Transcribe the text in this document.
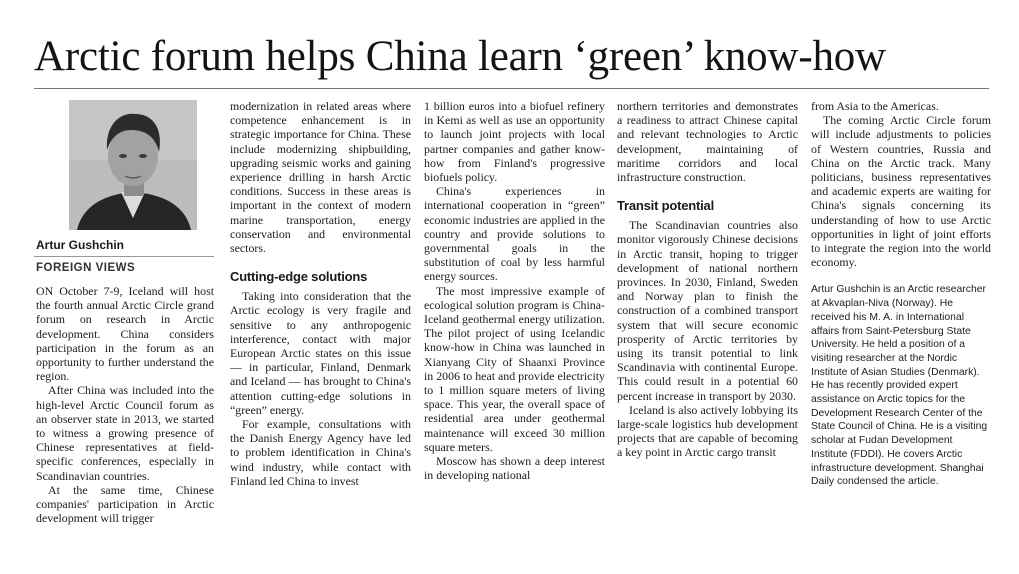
Arctic forum helps China learn ‘green’ know-how
Artur Gushchin
FOREIGN VIEWS

ON October 7-9, Iceland will host the fourth annual Arctic Circle grand forum on research in Arctic development. China considers participation in the forum as an opportunity to further understand the region.

After China was included into the high-level Arctic Council forum as an observer state in 2013, we started to witness a growing presence of Chinese representatives at field-specific conferences, especially in Scandinavian countries.

At the same time, Chinese companies' participation in Arctic development will trigger

modernization in related areas where competence enhancement is in strategic importance for China. These include modernizing shipbuilding, upgrading seismic works and gaining experience drilling in harsh Arctic conditions. Success in these areas is important in the context of modern marine transportation, energy conservation and environmental sectors.

Cutting-edge solutions

Taking into consideration that the Arctic ecology is very fragile and sensitive to any anthropogenic interference, contact with major European Arctic states on this issue — in particular, Finland, Denmark and Iceland — has brought to China's attention cutting-edge solutions in “green” energy.

For example, consultations with the Danish Energy Agency have led to problem identification in China's wind industry, while contact with Finland led China to invest

1 billion euros into a biofuel refinery in Kemi as well as use an opportunity to launch joint projects with local partner companies and gather know-how from Finland's progressive biofuels policy.

China's experiences in international cooperation in “green” economic industries are applied in the country and provide solutions to governmental goals in the substitution of coal by less harmful energy sources.

The most impressive example of ecological solution program is China-Iceland geothermal energy utilization. The pilot project of using Icelandic know-how in China was launched in Xianyang City of Shaanxi Province in 2006 to heat and provide electricity to 1 million square meters of living space. This year, the overall space of residential area under geothermal maintenance will exceed 30 million square meters.

Moscow has shown a deep interest in developing national

northern territories and demonstrates a readiness to attract Chinese capital and relevant technologies to Arctic development, maintaining of maritime corridors and local infrastructure construction.

Transit potential

The Scandinavian countries also monitor vigorously Chinese decisions in Arctic transit, hoping to trigger development of national northern provinces. In 2030, Finland, Sweden and Norway plan to finish the construction of a combined transport system that will secure economic prosperity of Arctic territories by using its transit potential to link Scandinavia with continental Europe. This could result in a potential 60 percent increase in transport by 2030.

Iceland is also actively lobbying its large-scale logistics hub development projects that are capable of becoming a key point in Arctic cargo transit

from Asia to the Americas.

The coming Arctic Circle forum will include adjustments to policies of Western countries, Russia and China on the Arctic track. Many politicians, business representatives and academic experts are waiting for China's signals concerning its understanding of how to use Arctic opportunities in light of joint efforts to integrate the region into the world economy.

Artur Gushchin is an Arctic researcher at Akvaplan-Niva (Norway). He received his M. A. in International affairs from Saint-Petersburg State University. He held a position of a visiting researcher at the Nordic Institute of Asian Studies (Denmark). He has recently provided expert assistance on Arctic topics for the Development Research Center of the State Council of China. He is a visiting scholar at Fudan Development Institute (FDDI). He covers Arctic infrastructure development. Shanghai Daily condensed the article.
